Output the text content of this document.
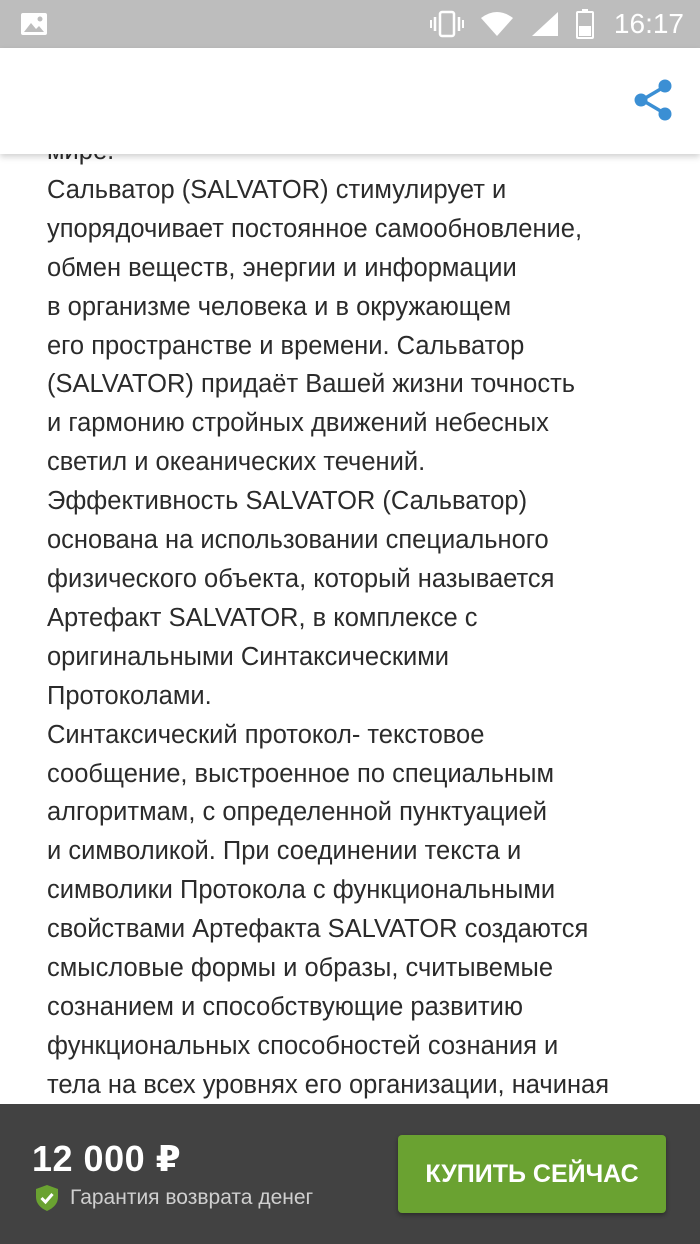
16:17
Сальватор (SALVATOR) стимулирует и
упорядочивает постоянное самообновление,
обмен веществ, энергии и информации
в организме человека и в окружающем
его пространстве и времени. Сальватор
(SALVATOR) придаёт Вашей жизни точность
и гармонию стройных движений небесных
светил и океанических течений.
Эффективность SALVATOR (Сальватор)
основана на использовании специального
физического объекта, который называется
Артефакт SALVATOR, в комплексе с
оригинальными Синтаксическими
Протоколами.
Синтаксический протокол- текстовое
сообщение, выстроенное по специальным
алгоритмам, с определенной пунктуацией
и символикой. При соединении текста и
символики Протокола с функциональными
свойствами Артефакта SALVATOR создаются
смысловые формы и образы, считывемые
сознанием и способствующие развитию
функциональных способностей сознания и
тела на всех уровнях его организации, начиная
12 000 ₽
Гарантия возврата денег
КУПИТЬ СЕЙЧАС
